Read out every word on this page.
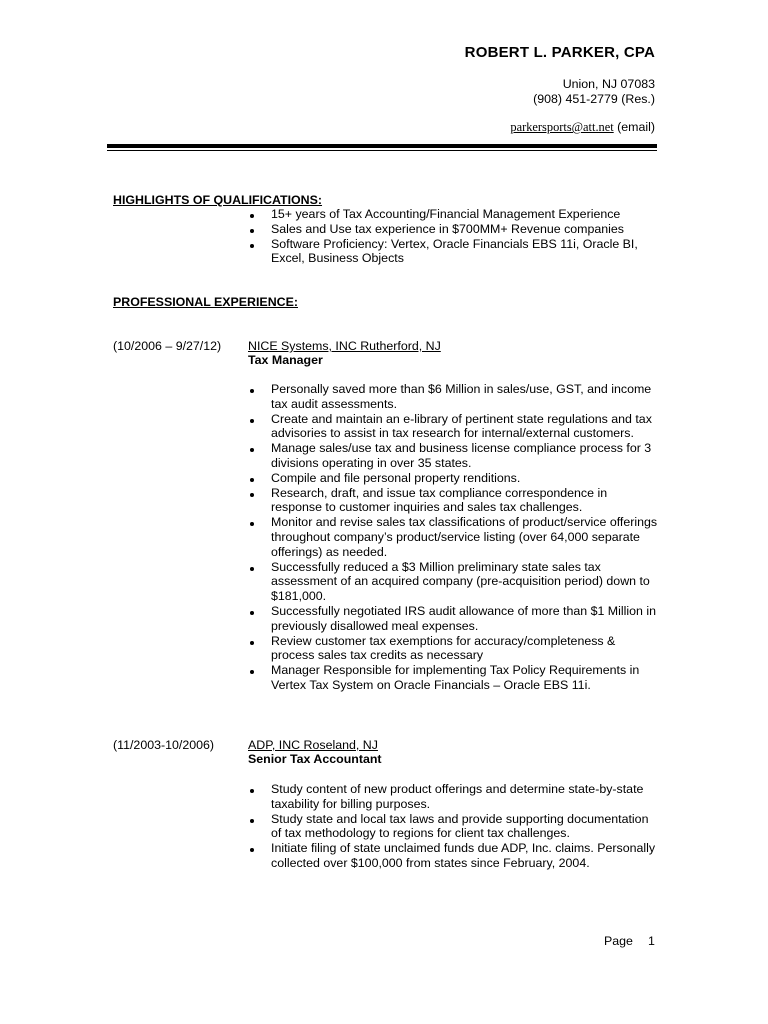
ROBERT L. PARKER, CPA
Union, NJ 07083
(908) 451-2779 (Res.)
parkersports@att.net (email)
HIGHLIGHTS OF QUALIFICATIONS:
15+ years of Tax Accounting/Financial Management Experience
Sales and Use tax experience in $700MM+ Revenue companies
Software Proficiency: Vertex, Oracle Financials EBS 11i, Oracle BI, Excel, Business Objects
PROFESSIONAL EXPERIENCE:
(10/2006 – 9/27/12) NICE Systems, INC Rutherford, NJ
Tax Manager
Personally saved more than $6 Million in sales/use, GST, and income tax audit assessments.
Create and maintain an e-library of pertinent state regulations and tax advisories to assist in tax research for internal/external customers.
Manage sales/use tax and business license compliance process for 3 divisions operating in over 35 states.
Compile and file personal property renditions.
Research, draft, and issue tax compliance correspondence in response to customer inquiries and sales tax challenges.
Monitor and revise sales tax classifications of product/service offerings throughout company’s product/service listing (over 64,000 separate offerings) as needed.
Successfully reduced a $3 Million preliminary state sales tax assessment of an acquired company (pre-acquisition period) down to $181,000.
Successfully negotiated IRS audit allowance of more than $1 Million in previously disallowed meal expenses.
Review customer tax exemptions for accuracy/completeness & process sales tax credits as necessary
Manager Responsible for implementing Tax Policy Requirements in Vertex Tax System on Oracle Financials – Oracle EBS 11i.
(11/2003-10/2006)	ADP, INC Roseland, NJ
Senior Tax Accountant
Study content of new product offerings and determine state-by-state taxability for billing purposes.
Study state and local tax laws and provide supporting documentation of tax methodology to regions for client tax challenges.
Initiate filing of state unclaimed funds due ADP, Inc. claims. Personally collected over $100,000 from states since February, 2004.
Page 1
